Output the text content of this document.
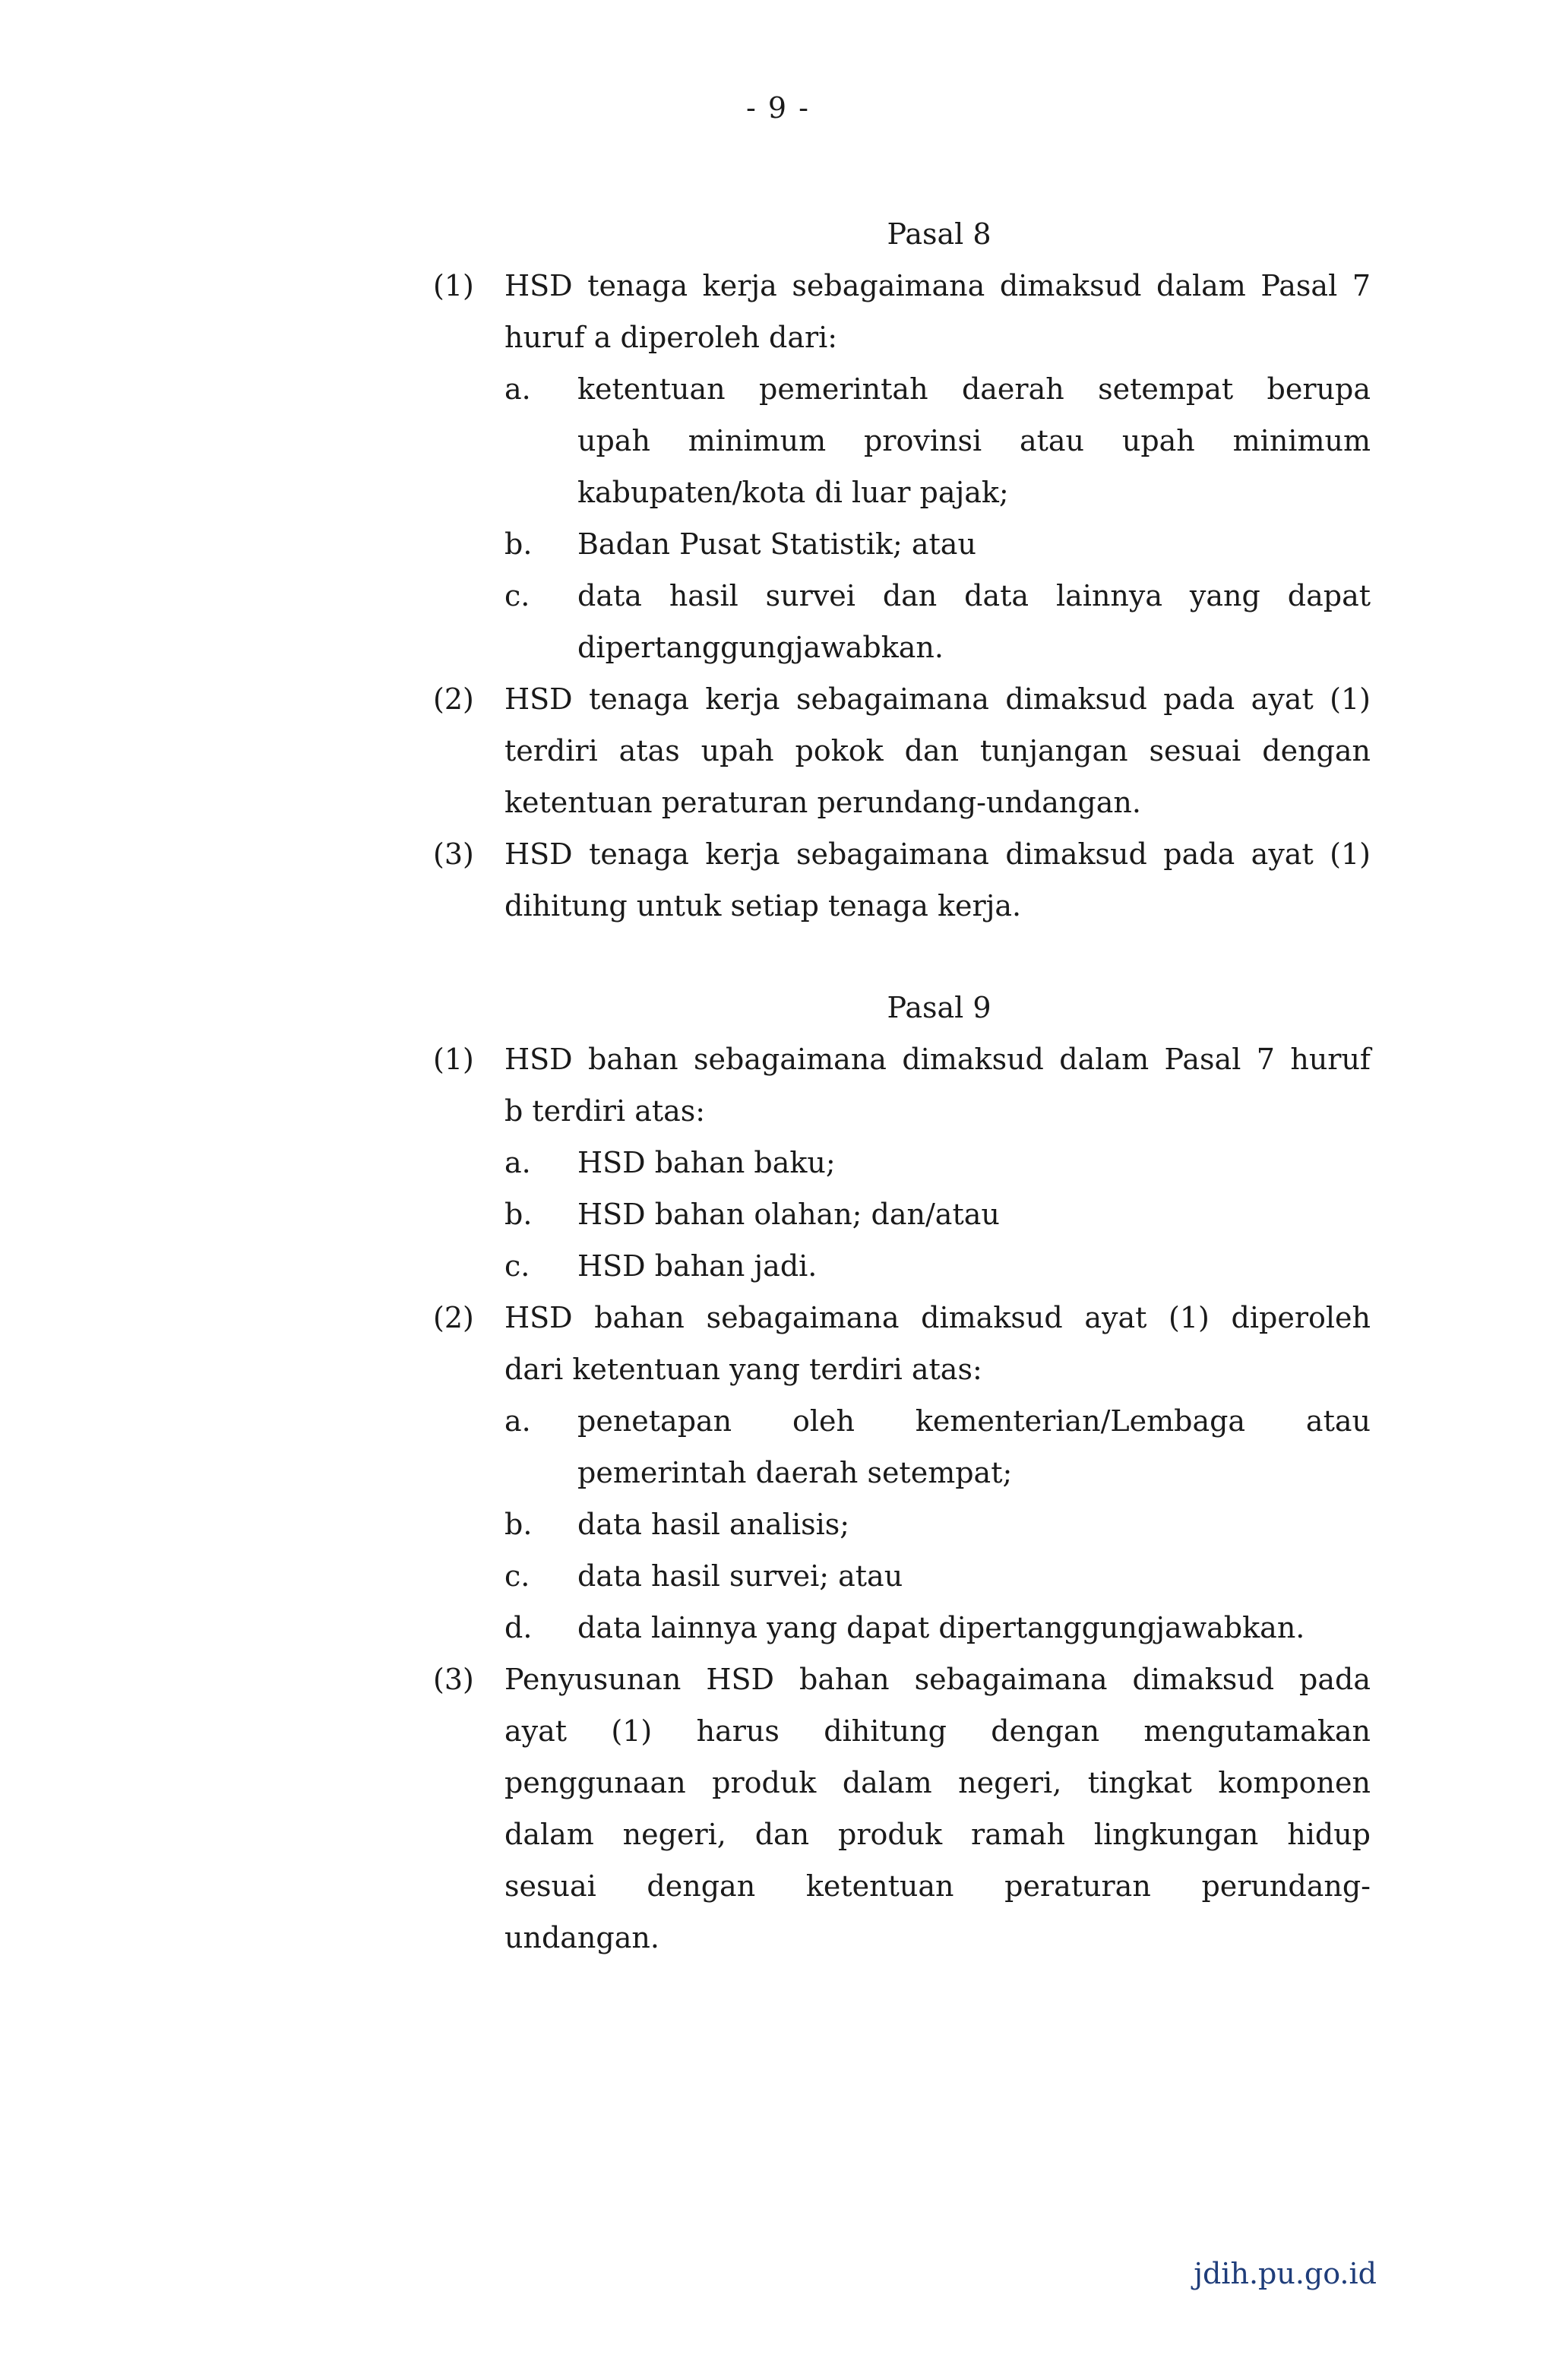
- 9 -
Pasal 8
(1) HSD tenaga kerja sebagaimana dimaksud dalam Pasal 7
huruf a diperoleh dari:
a. ketentuan pemerintah daerah setempat berupa
upah minimum provinsi atau upah minimum
kabupaten/kota di luar pajak;
b. Badan Pusat Statistik; atau
c. data hasil survei dan data lainnya yang dapat
dipertanggungjawabkan.
(2) HSD tenaga kerja sebagaimana dimaksud pada ayat (1)
terdiri atas upah pokok dan tunjangan sesuai dengan
ketentuan peraturan perundang-undangan.
(3) HSD tenaga kerja sebagaimana dimaksud pada ayat (1)
dihitung untuk setiap tenaga kerja.
Pasal 9
(1) HSD bahan sebagaimana dimaksud dalam Pasal 7 huruf
b terdiri atas:
a. HSD bahan baku;
b. HSD bahan olahan; dan/atau
c. HSD bahan jadi.
(2) HSD bahan sebagaimana dimaksud ayat (1) diperoleh
dari ketentuan yang terdiri atas:
a. penetapan oleh kementerian/Lembaga atau
pemerintah daerah setempat;
b. data hasil analisis;
c. data hasil survei; atau
d. data lainnya yang dapat dipertanggungjawabkan.
(3) Penyusunan HSD bahan sebagaimana dimaksud pada
ayat (1) harus dihitung dengan mengutamakan
penggunaan produk dalam negeri, tingkat komponen
dalam negeri, dan produk ramah lingkungan hidup
sesuai dengan ketentuan peraturan perundang-
undangan.
jdih.pu.go.id
